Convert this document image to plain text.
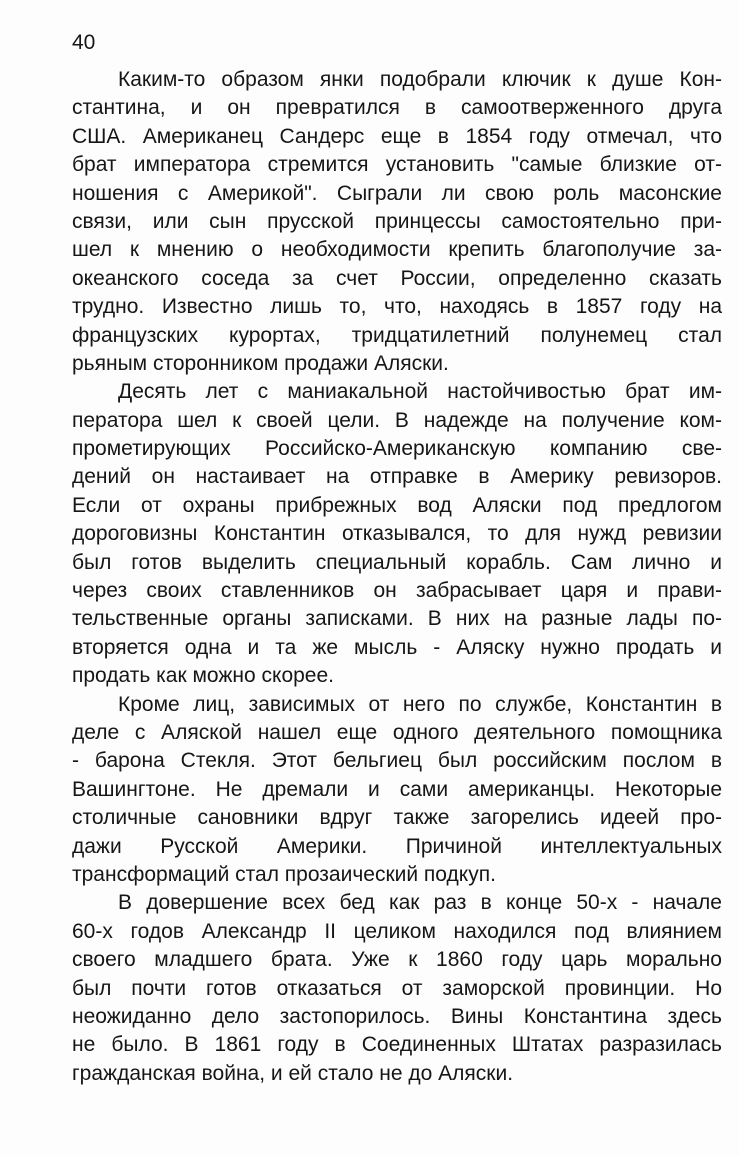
40
Каким-то образом янки подобрали ключик к душе Кон-
стантина, и он превратился в самоотверженного друга
США. Американец Сандерс еще в 1854 году отмечал, что
брат императора стремится установить "самые близкие от-
ношения с Америкой". Сыграли ли свою роль масонские
связи, или сын прусской принцессы самостоятельно при-
шел к мнению о необходимости крепить благополучие за-
океанского соседа за счет России, определенно сказать
трудно. Известно лишь то, что, находясь в 1857 году на
французских курортах, тридцатилетний полунемец стал
рьяным сторонником продажи Аляски.
Десять лет с маниакальной настойчивостью брат им-
ператора шел к своей цели. В надежде на получение ком-
прометирующих Российско-Американскую компанию све-
дений он настаивает на отправке в Америку ревизоров.
Если от охраны прибрежных вод Аляски под предлогом
дороговизны Константин отказывался, то для нужд ревизии
был готов выделить специальный корабль. Сам лично и
через своих ставленников он забрасывает царя и прави-
тельственные органы записками. В них на разные лады по-
вторяется одна и та же мысль - Аляску нужно продать и
продать как можно скорее.
Кроме лиц, зависимых от него по службе, Константин в
деле с Аляской нашел еще одного деятельного помощника
- барона Стекля. Этот бельгиец был российским послом в
Вашингтоне. Не дремали и сами американцы. Некоторые
столичные сановники вдруг также загорелись идеей про-
дажи Русской Америки. Причиной интеллектуальных
трансформаций стал прозаический подкуп.
В довершение всех бед как раз в конце 50-х - начале
60-х годов Александр II целиком находился под влиянием
своего младшего брата. Уже к 1860 году царь морально
был почти готов отказаться от заморской провинции. Но
неожиданно дело застопорилось. Вины Константина здесь
не было. В 1861 году в Соединенных Штатах разразилась
гражданская война, и ей стало не до Аляски.
